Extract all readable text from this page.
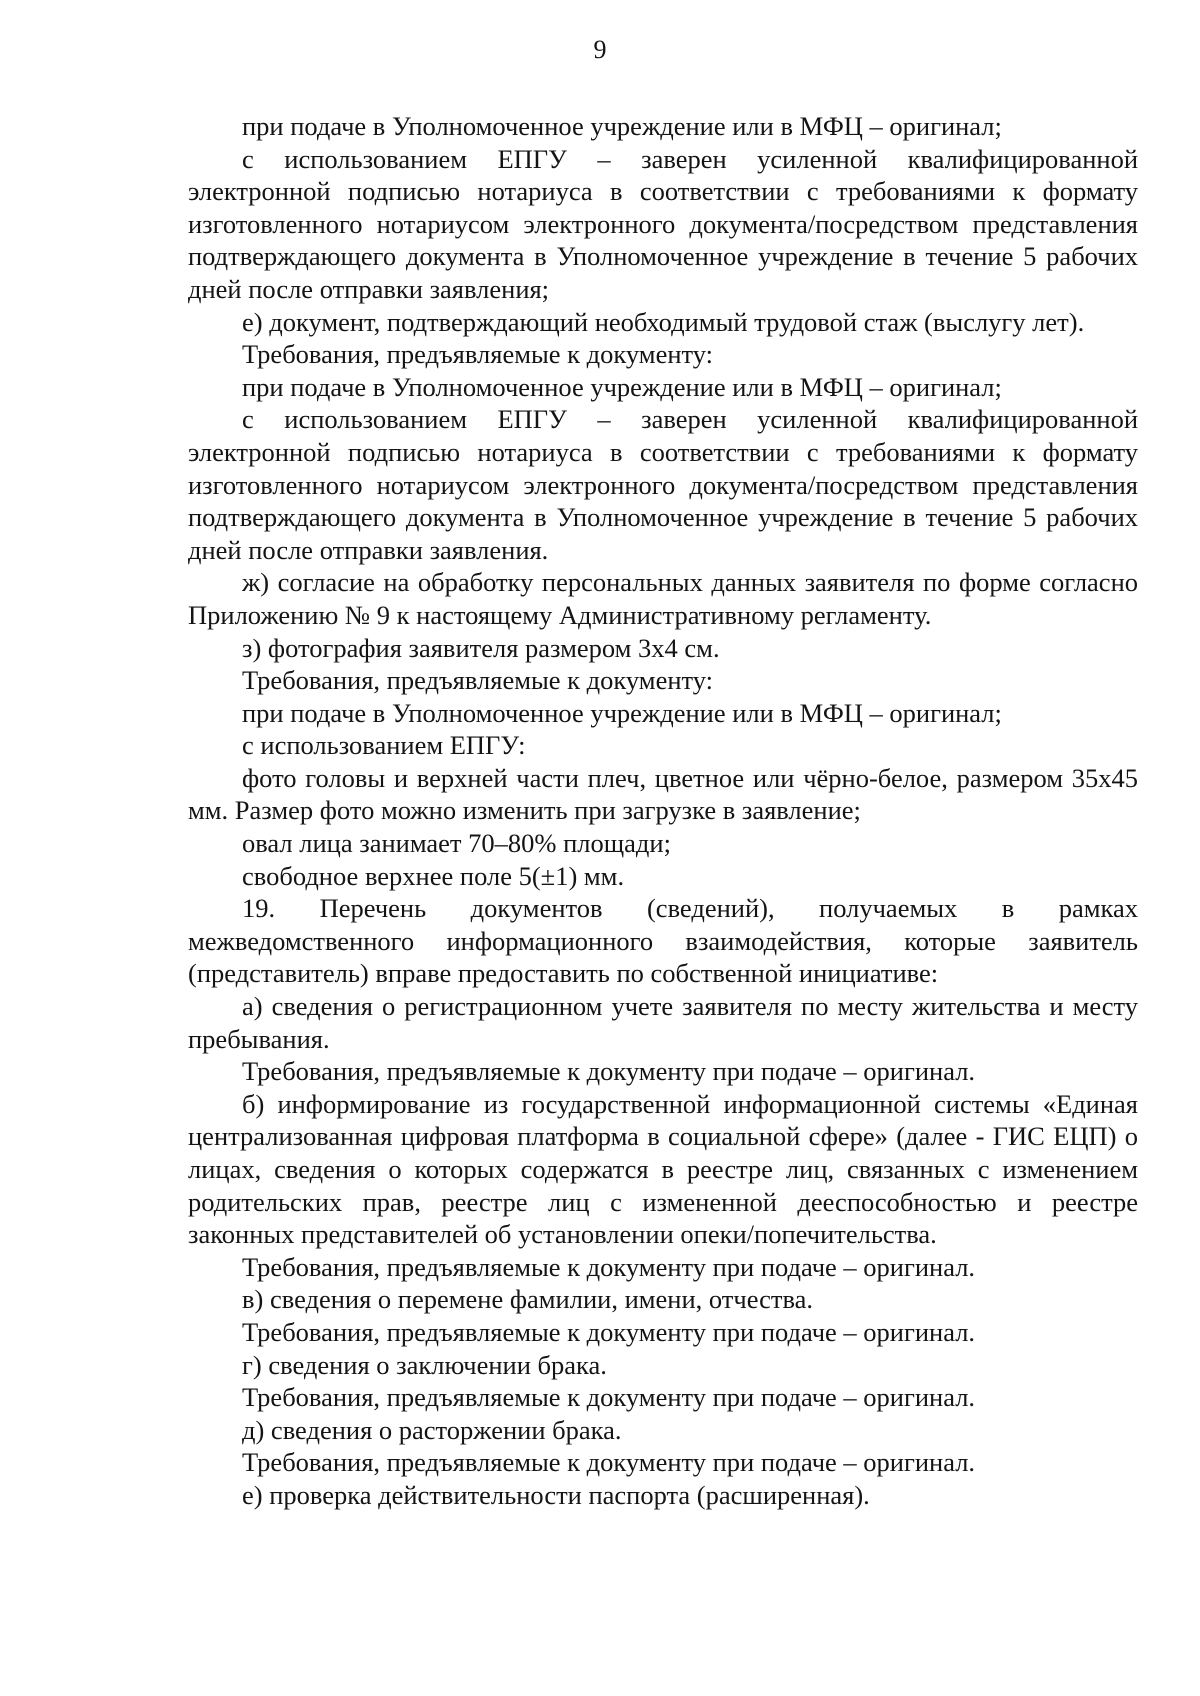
9

при подаче в Уполномоченное учреждение или в МФЦ – оригинал;

с использованием ЕПГУ – заверен усиленной квалифицированной электронной подписью нотариуса в соответствии с требованиями к формату изготовленного нотариусом электронного документа/посредством представления подтверждающего документа в Уполномоченное учреждение в течение 5 рабочих дней после отправки заявления;

е) документ, подтверждающий необходимый трудовой стаж (выслугу лет).

Требования, предъявляемые к документу:

при подаче в Уполномоченное учреждение или в МФЦ – оригинал;

с использованием ЕПГУ – заверен усиленной квалифицированной электронной подписью нотариуса в соответствии с требованиями к формату изготовленного нотариусом электронного документа/посредством представления подтверждающего документа в Уполномоченное учреждение в течение 5 рабочих дней после отправки заявления.

ж) согласие на обработку персональных данных заявителя по форме согласно Приложению № 9 к настоящему Административному регламенту.

з) фотография заявителя размером 3х4 см.

Требования, предъявляемые к документу:

при подаче в Уполномоченное учреждение или в МФЦ – оригинал;

с использованием ЕПГУ:

фото головы и верхней части плеч, цветное или чёрно-белое, размером 35x45 мм. Размер фото можно изменить при загрузке в заявление;

овал лица занимает 70–80% площади;

свободное верхнее поле 5(±1) мм.

19. Перечень документов (сведений), получаемых в рамках межведомственного информационного взаимодействия, которые заявитель (представитель) вправе предоставить по собственной инициативе:

а) сведения о регистрационном учете заявителя по месту жительства и месту пребывания.

Требования, предъявляемые к документу при подаче – оригинал.

б) информирование из государственной информационной системы «Единая централизованная цифровая платформа в социальной сфере» (далее - ГИС ЕЦП) о лицах, сведения о которых содержатся в реестре лиц, связанных с изменением родительских прав, реестре лиц с измененной дееспособностью и реестре законных представителей об установлении опеки/попечительства.

Требования, предъявляемые к документу при подаче – оригинал.

в) сведения о перемене фамилии, имени, отчества.

Требования, предъявляемые к документу при подаче – оригинал.

г) сведения о заключении брака.

Требования, предъявляемые к документу при подаче – оригинал.

д) сведения о расторжении брака.

Требования, предъявляемые к документу при подаче – оригинал.

е) проверка действительности паспорта (расширенная).
